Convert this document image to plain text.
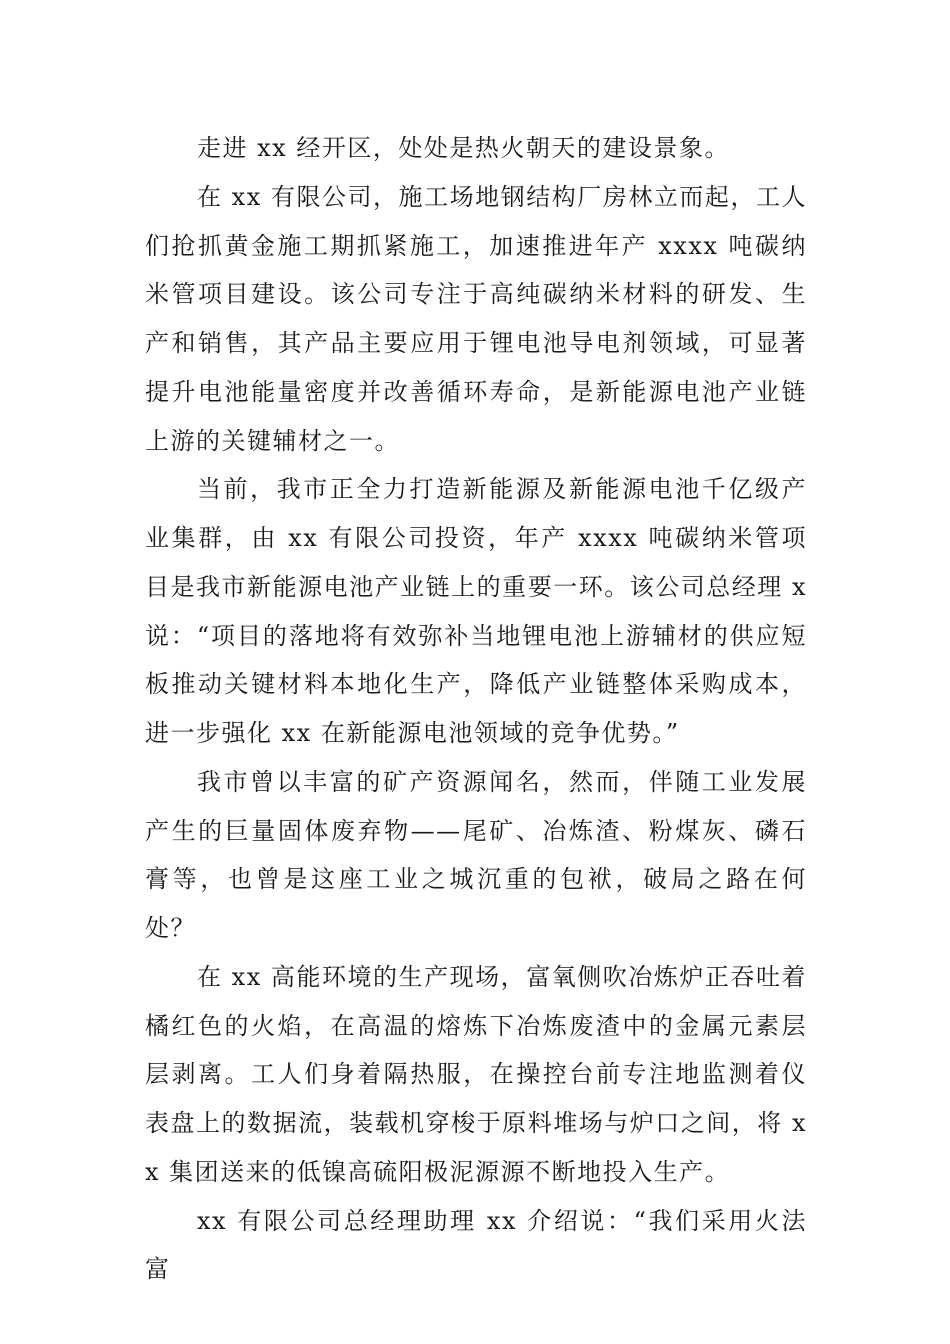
走进 xx 经开区，处处是热火朝天的建设景象。

在 xx 有限公司，施工场地钢结构厂房林立而起，工人们抢抓黄金施工期抓紧施工，加速推进年产 xxxx 吨碳纳米管项目建设。该公司专注于高纯碳纳米材料的研发、生产和销售，其产品主要应用于锂电池导电剂领域，可显著提升电池能量密度并改善循环寿命，是新能源电池产业链上游的关键辅材之一。

当前，我市正全力打造新能源及新能源电池千亿级产业集群，由 xx 有限公司投资，年产 xxxx 吨碳纳米管项目是我市新能源电池产业链上的重要一环。该公司总经理 x 说：“项目的落地将有效弥补当地锂电池上游辅材的供应短板推动关键材料本地化生产，降低产业链整体采购成本，进一步强化 xx 在新能源电池领域的竞争优势。”

我市曾以丰富的矿产资源闻名，然而，伴随工业发展产生的巨量固体废弃物——尾矿、冶炼渣、粉煤灰、磷石膏等，也曾是这座工业之城沉重的包袱，破局之路在何处？

在 xx 高能环境的生产现场，富氧侧吹冶炼炉正吞吐着橘红色的火焰，在高温的熔炼下冶炼废渣中的金属元素层层剥离。工人们身着隔热服，在操控台前专注地监测着仪表盘上的数据流，装载机穿梭于原料堆场与炉口之间，将 xx 集团送来的低镍高硫阳极泥源源不断地投入生产。

xx 有限公司总经理助理 xx 介绍说：“我们采用火法富
